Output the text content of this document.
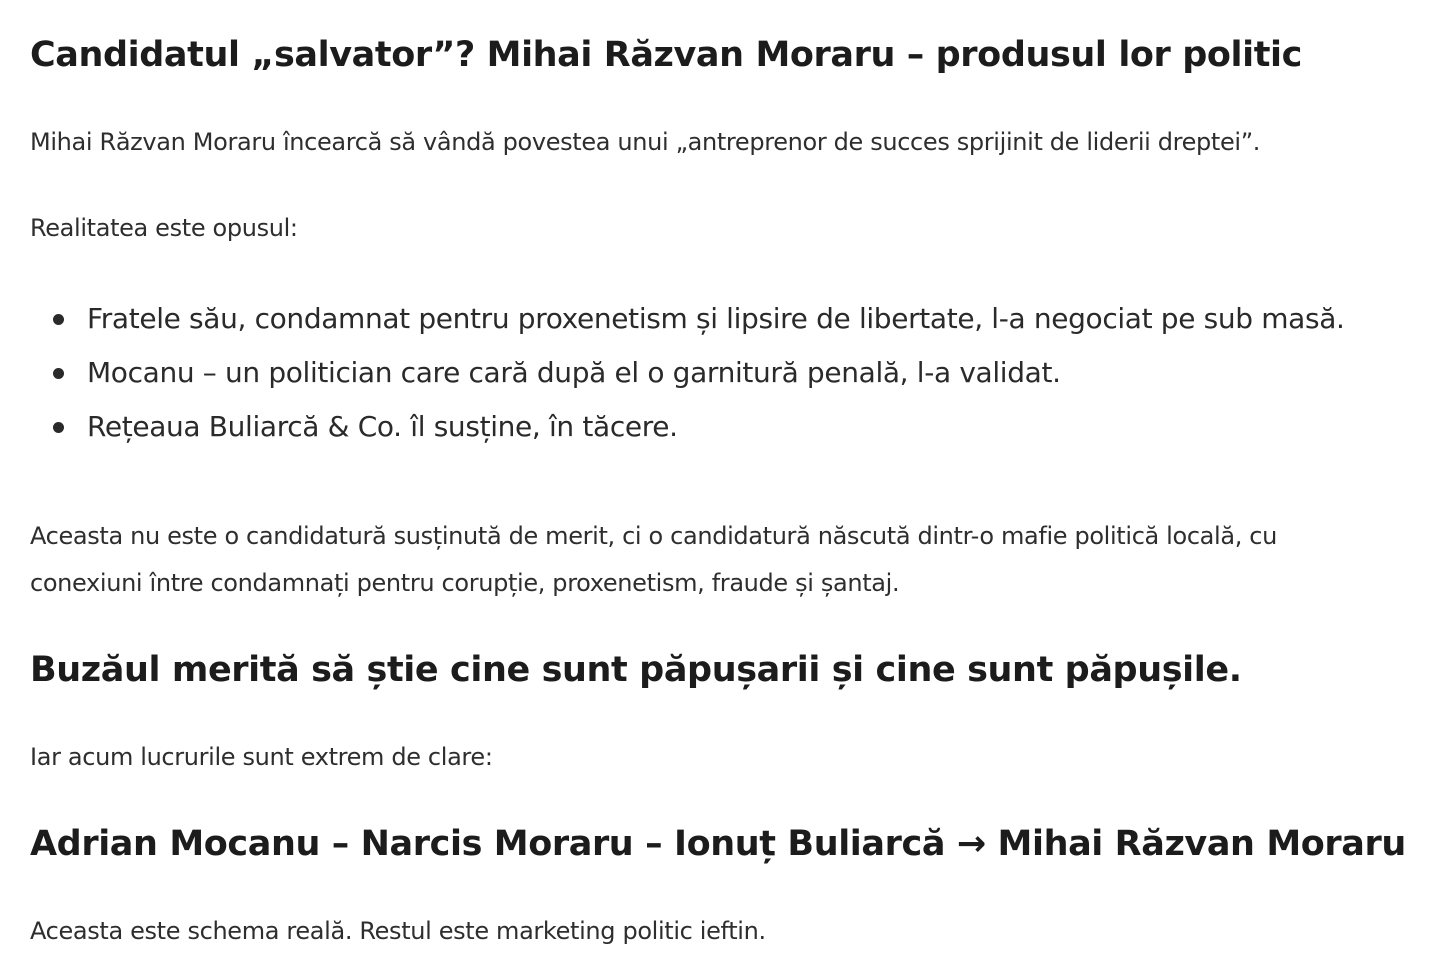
Candidatul „salvator”? Mihai Răzvan Moraru – produsul lor politic

Mihai Răzvan Moraru încearcă să vândă povestea unui „antreprenor de succes sprijinit de liderii dreptei”.

Realitatea este opusul:

Fratele său, condamnat pentru proxenetism și lipsire de libertate, l-a negociat pe sub masă.
Mocanu – un politician care cară după el o garnitură penală, l-a validat.
Rețeaua Buliarcă & Co. îl susține, în tăcere.

Aceasta nu este o candidatură susținută de merit, ci o candidatură născută dintr-o mafie politică locală, cu

conexiuni între condamnați pentru corupție, proxenetism, fraude și șantaj.

Buzăul merită să știe cine sunt păpușarii și cine sunt păpușile.

Iar acum lucrurile sunt extrem de clare:

Adrian Mocanu – Narcis Moraru – Ionuț Buliarcă → Mihai Răzvan Moraru

Aceasta este schema reală. Restul este marketing politic ieftin.
